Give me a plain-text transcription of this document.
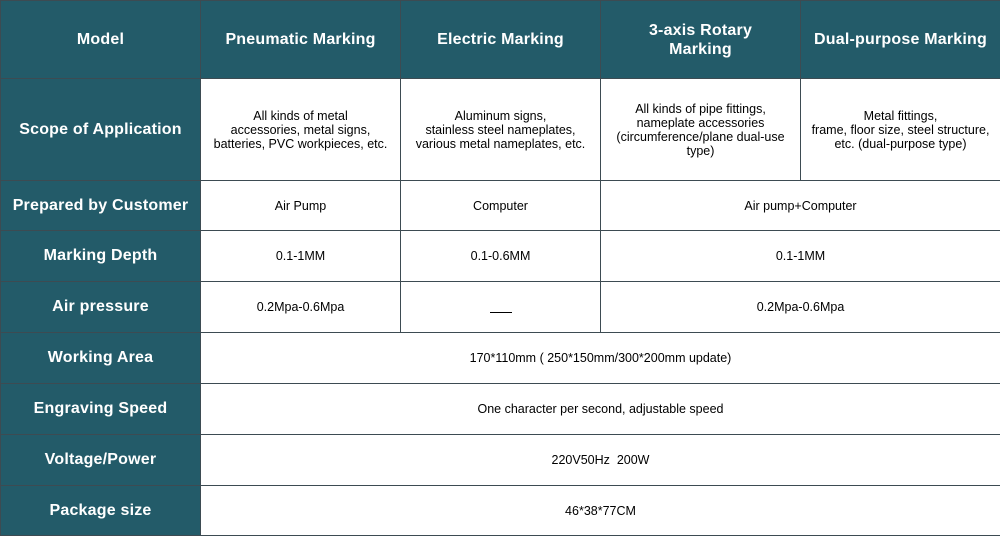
Model	Pneumatic Marking	Electric Marking	3-axis Rotary Marking	Dual-purpose Marking
Scope of Application	All kinds of metal
accessories, metal signs,
batteries, PVC workpieces, etc.	Aluminum signs,
stainless steel nameplates,
various metal nameplates, etc.	All kinds of pipe fittings,
nameplate accessories
(circumference/plane dual-use
type)	Metal fittings,
frame, floor size, steel structure,
etc. (dual-purpose type)

Prepared by Customer	Air Pump	Computer	Air pump+Computer	
Marking Depth	0.1-1MM	0.1-0.6MM	0.1-1MM	
Air pressure	0.2Mpa-0.6Mpa		0.2Mpa-0.6Mpa	
Working Area	170*110mm ( 250*150mm/300*200mm update)			
Engraving Speed	One character per second, adjustable speed			
Voltage/Power	220V50Hz  200W			
Package size	46*38*77CM			
